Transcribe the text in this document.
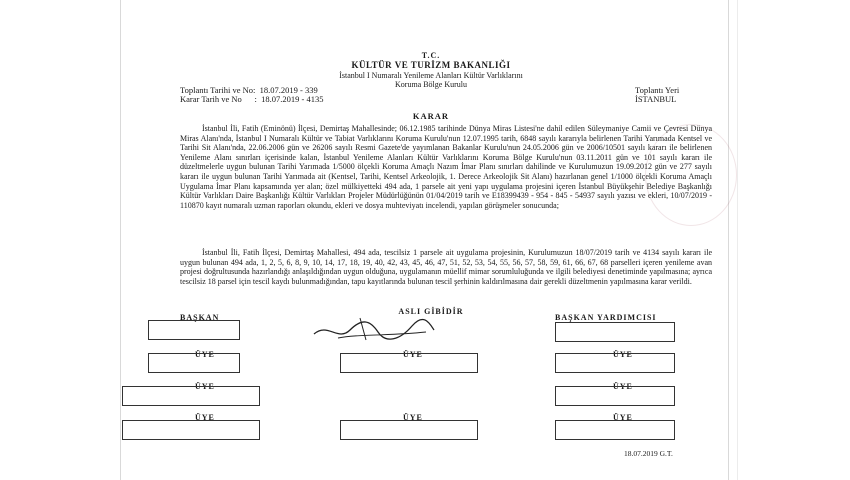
T.C.
KÜLTÜR VE TURİZM BAKANLIĞI
İstanbul I Numaralı Yenileme Alanları Kültür Varlıklarını
Koruma Bölge Kurulu
Toplantı Tarihi ve No:  18.07.2019 - 339
Karar Tarih ve No      :  18.07.2019 - 4135
Toplantı Yeri
İSTANBUL
KARAR
İstanbul İli, Fatih (Eminönü) İlçesi, Demirtaş Mahallesinde; 06.12.1985 tarihinde Dünya Miras Listesi'ne dahil edilen Süleymaniye Camii ve Çevresi Dünya Miras Alanı'nda, İstanbul I Numaralı Kültür ve Tabiat Varlıklarını Koruma Kurulu'nun 12.07.1995 tarih, 6848 sayılı kararıyla belirlenen Tarihi Yarımada Kentsel ve Tarihi Sit Alanı'nda, 22.06.2006 gün ve 26206 sayılı Resmi Gazete'de yayımlanan Bakanlar Kurulu'nun 24.05.2006 gün ve 2006/10501 sayılı kararı ile belirlenen Yenileme Alanı sınırları içerisinde kalan, İstanbul Yenileme Alanları Kültür Varlıklarını Koruma Bölge Kurulu'nun 03.11.2011 gün ve 101 sayılı kararı ile düzeltmelerle uygun bulunan Tarihi Yarımada 1/5000 ölçekli Koruma Amaçlı Nazım İmar Planı sınırları dahilinde ve Kurulumuzun 19.09.2012 gün ve 277 sayılı kararı ile uygun bulunan Tarihi Yarımada ait (Kentsel, Tarihi, Kentsel Arkeolojik, 1. Derece Arkeolojik Sit Alanı) hazırlanan genel 1/1000 ölçekli Koruma Amaçlı Uygulama İmar Planı kapsamında yer alan; özel mülkiyetteki 494 ada, 1 parsele ait yeni yapı uygulama projesini içeren İstanbul Büyükşehir Belediye Başkanlığı Kültür Varlıkları Daire Başkanlığı Kültür Varlıkları Projeler Müdürlüğünün 01/04/2019 tarih ve E18399439 - 954 - 845 - 54937 sayılı yazısı ve ekleri, 10/07/2019 - 110870 kayıt numaralı uzman raporları okundu, ekleri ve dosya muhteviyatı incelendi, yapılan görüşmeler sonucunda;
İstanbul İli, Fatih İlçesi, Demirtaş Mahallesi, 494 ada, tescilsiz 1 parsele ait uygulama projesinin, Kurulumuzun 18/07/2019 tarih ve 4134 sayılı kararı ile uygun bulunan 494 ada, 1, 2, 5, 6, 8, 9, 10, 14, 17, 18, 19, 40, 42, 43, 45, 46, 47, 51, 52, 53, 54, 55, 56, 57, 58, 59, 61, 66, 67, 68 parselleri içeren yenileme avan projesi doğrultusunda hazırlandığı anlaşıldığından uygun olduğuna, uygulamanın müellif mimar sorumluluğunda ve ilgili belediyesi denetiminde yapılmasına; ayrıca tescilsiz 18 parsel için tescil kaydı bulunmadığından, tapu kayıtlarında bulunan tescil şerhinin kaldırılmasına dair gerekli düzeltmenin yapılmasına karar verildi.
ASLI GİBİDİR
BAŞKAN	BAŞKAN YARDIMCISI
ÜYE	ÜYE	ÜYE
ÜYE	ÜYE
ÜYE	ÜYE	ÜYE
18.07.2019 G.T.
